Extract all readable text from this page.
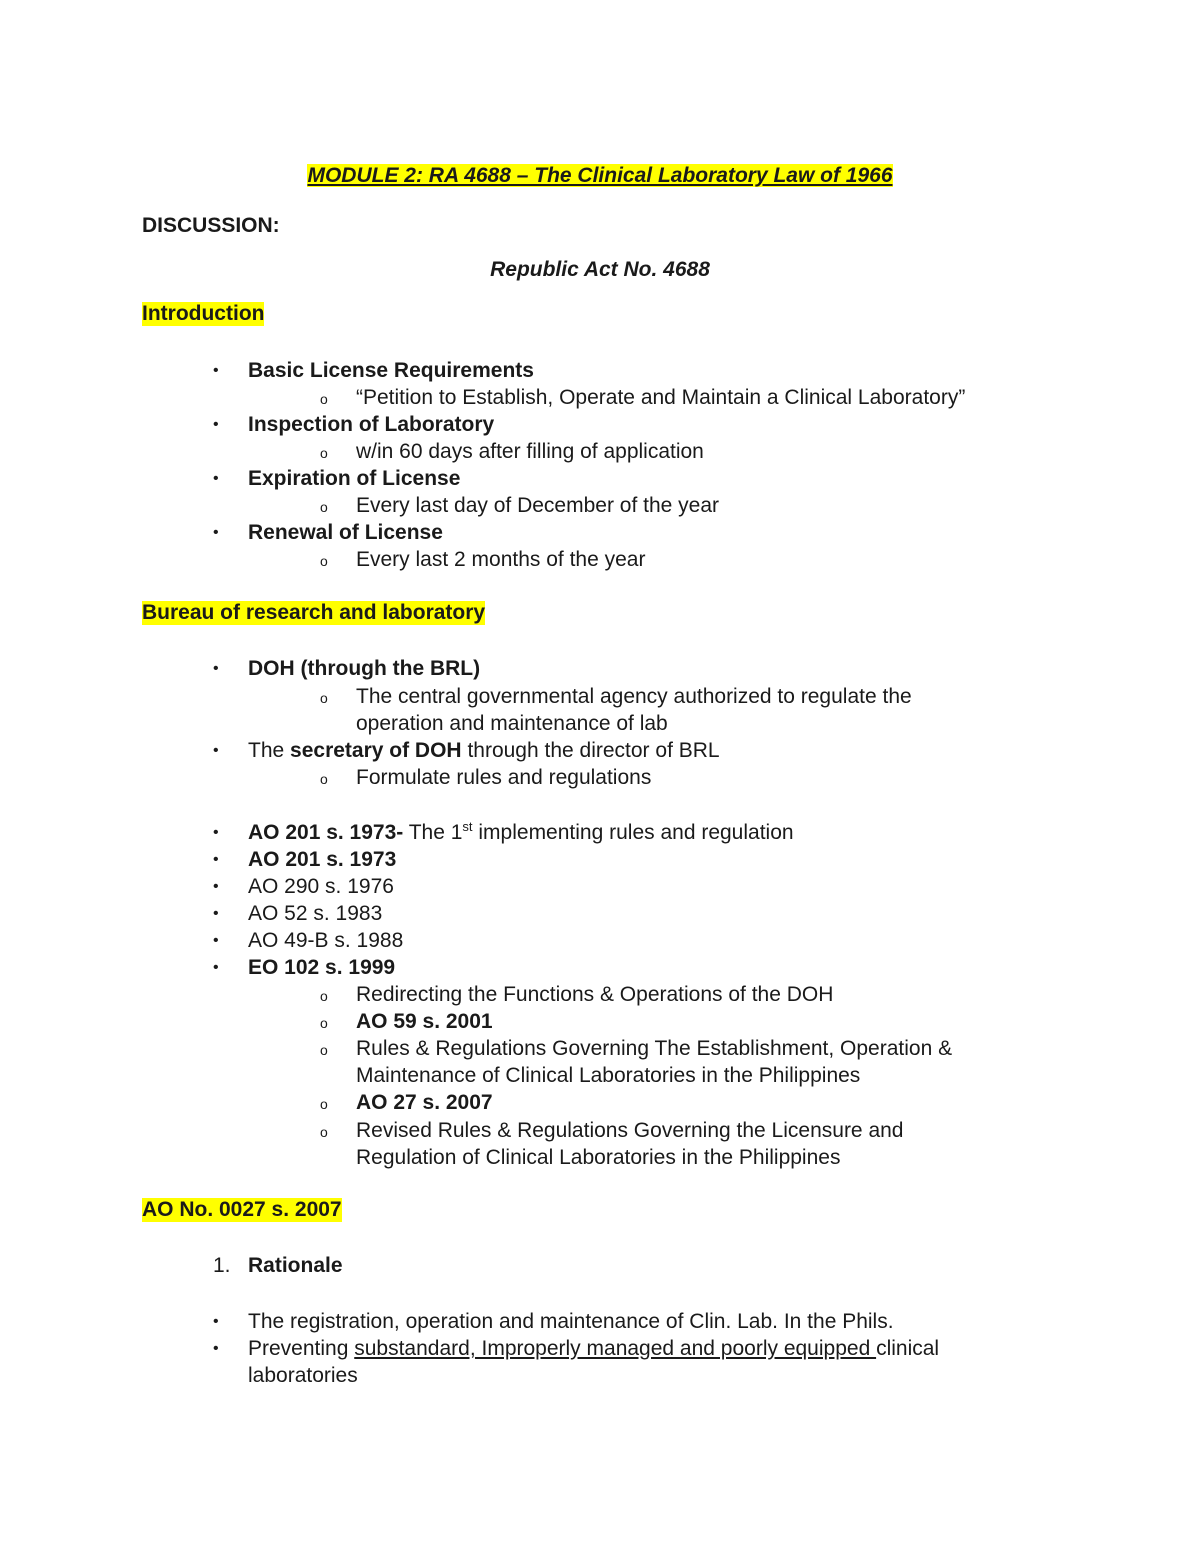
MODULE 2: RA 4688 – The Clinical Laboratory Law of 1966
DISCUSSION:
Republic Act No. 4688
Introduction
• Basic License Requirements
o “Petition to Establish, Operate and Maintain a Clinical Laboratory”
• Inspection of Laboratory
o w/in 60 days after filling of application
• Expiration of License
o Every last day of December of the year
• Renewal of License
o Every last 2 months of the year
Bureau of research and laboratory
• DOH (through the BRL)
o The central governmental agency authorized to regulate the
operation and maintenance of lab
• The secretary of DOH through the director of BRL
o Formulate rules and regulations
• AO 201 s. 1973- The 1st implementing rules and regulation
• AO 201 s. 1973
• AO 290 s. 1976
• AO 52 s. 1983
• AO 49-B s. 1988
• EO 102 s. 1999
o Redirecting the Functions & Operations of the DOH
o AO 59 s. 2001
o Rules & Regulations Governing The Establishment, Operation &
Maintenance of Clinical Laboratories in the Philippines
o AO 27 s. 2007
o Revised Rules & Regulations Governing the Licensure and
Regulation of Clinical Laboratories in the Philippines
AO No. 0027 s. 2007
1. Rationale
• The registration, operation and maintenance of Clin. Lab. In the Phils.
• Preventing substandard, Improperly managed and poorly equipped clinical
laboratories
